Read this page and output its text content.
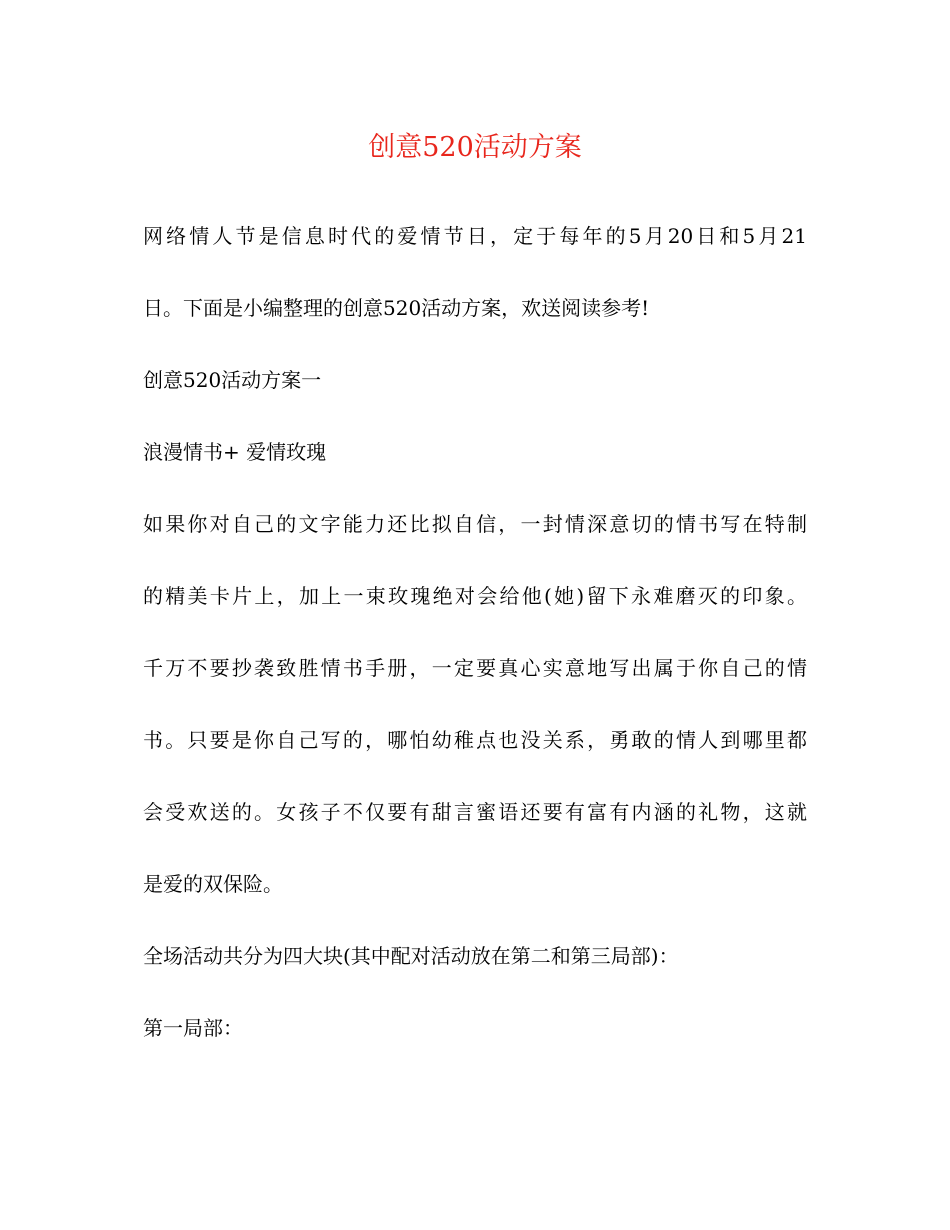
创意520活动方案
网络情人节是信息时代的爱情节日，定于每年的5月20日和5月21
日。下面是小编整理的创意520活动方案，欢送阅读参考!
创意520活动方案一
浪漫情书+ 爱情玫瑰
如果你对自己的文字能力还比拟自信，一封情深意切的情书写在特制
的精美卡片上，加上一束玫瑰绝对会给他(她)留下永难磨灭的印象。
千万不要抄袭致胜情书手册，一定要真心实意地写出属于你自己的情
书。只要是你自己写的，哪怕幼稚点也没关系，勇敢的情人到哪里都
会受欢送的。女孩子不仅要有甜言蜜语还要有富有内涵的礼物，这就
是爱的双保险。
全场活动共分为四大块(其中配对活动放在第二和第三局部)：
第一局部：
